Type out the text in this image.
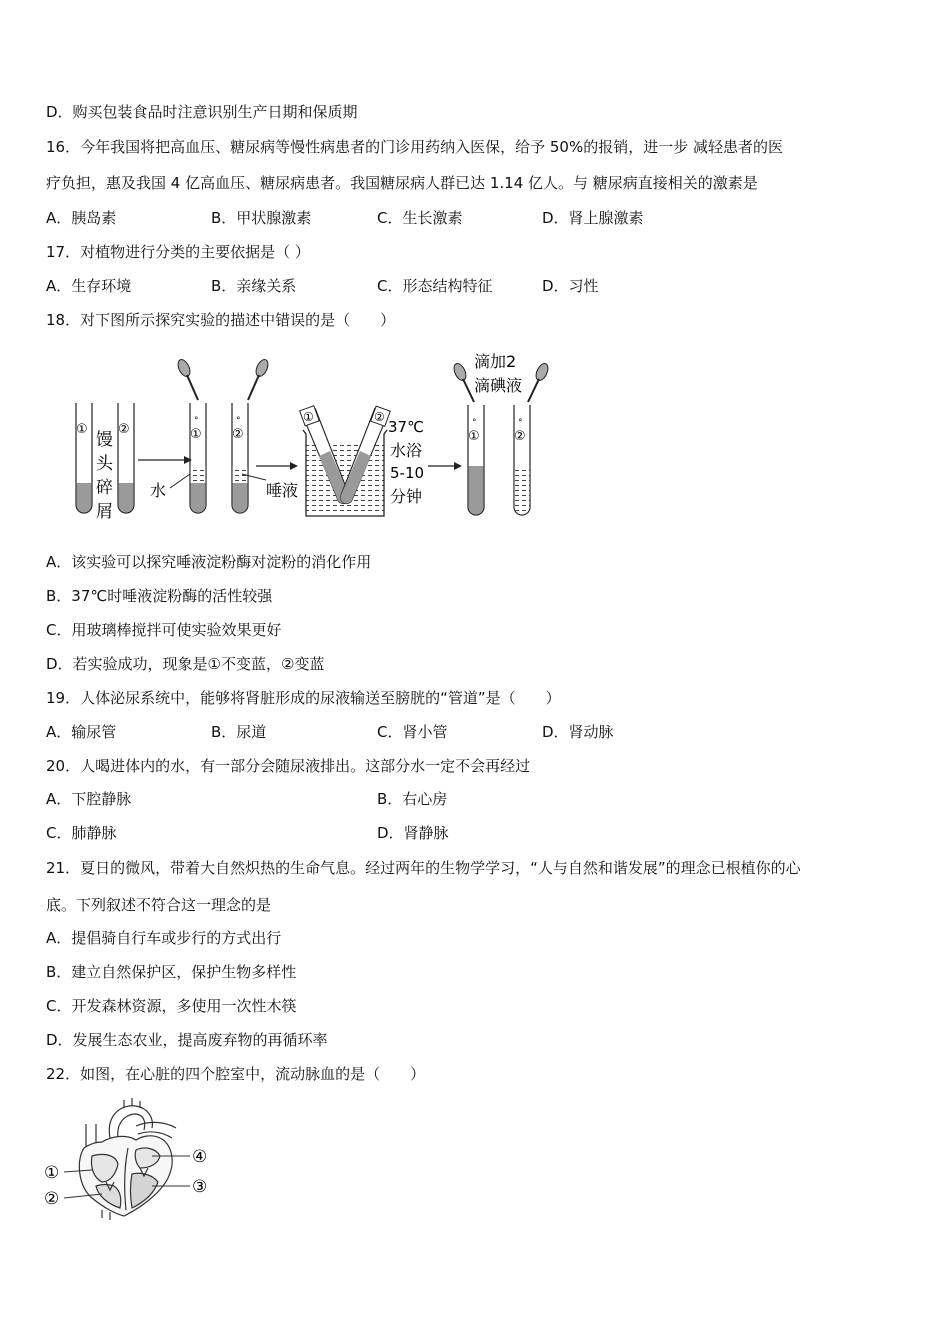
D．购买包装食品时注意识别生产日期和保质期
16．今年我国将把高血压、糖尿病等慢性病患者的门诊用药纳入医保，给予 50%的报销，进一步 减轻患者的医
疗负担，惠及我国 4 亿高血压、糖尿病患者。我国糖尿病人群已达 1.14 亿人。与 糖尿病直接相关的激素是
A．胰岛素	B．甲状腺激素	C．生长激素	D．肾上腺激素
17．对植物进行分类的主要依据是（ ）
A．生存环境	B．亲缘关系	C．形态结构特征	D．习性
18．对下图所示探究实验的描述中错误的是（　　）
① ②
馒
头
碎
屑
°	°
① ②
水	唾液
①	②
37℃
水浴
5-10
分钟
滴加2
滴碘液
°	°
①	②
A．该实验可以探究唾液淀粉酶对淀粉的消化作用
B．37℃时唾液淀粉酶的活性较强
C．用玻璃棒搅拌可使实验效果更好
D．若实验成功，现象是①不变蓝，②变蓝
19．人体泌尿系统中，能够将肾脏形成的尿液输送至膀胱的“管道”是（　　）
A．输尿管	B．尿道	C．肾小管	D．肾动脉
20．人喝进体内的水，有一部分会随尿液排出。这部分水一定不会再经过
A．下腔静脉	B．右心房
C．肺静脉	D．肾静脉
21．夏日的微风，带着大自然炽热的生命气息。经过两年的生物学学习，“人与自然和谐发展”的理念已根植你的心
底。下列叙述不符合这一理念的是
A．提倡骑自行车或步行的方式出行
B．建立自然保护区，保护生物多样性
C．开发森林资源，多使用一次性木筷
D．发展生态农业，提高废弃物的再循环率
22．如图，在心脏的四个腔室中，流动脉血的是（　　）
①
②
③
④
